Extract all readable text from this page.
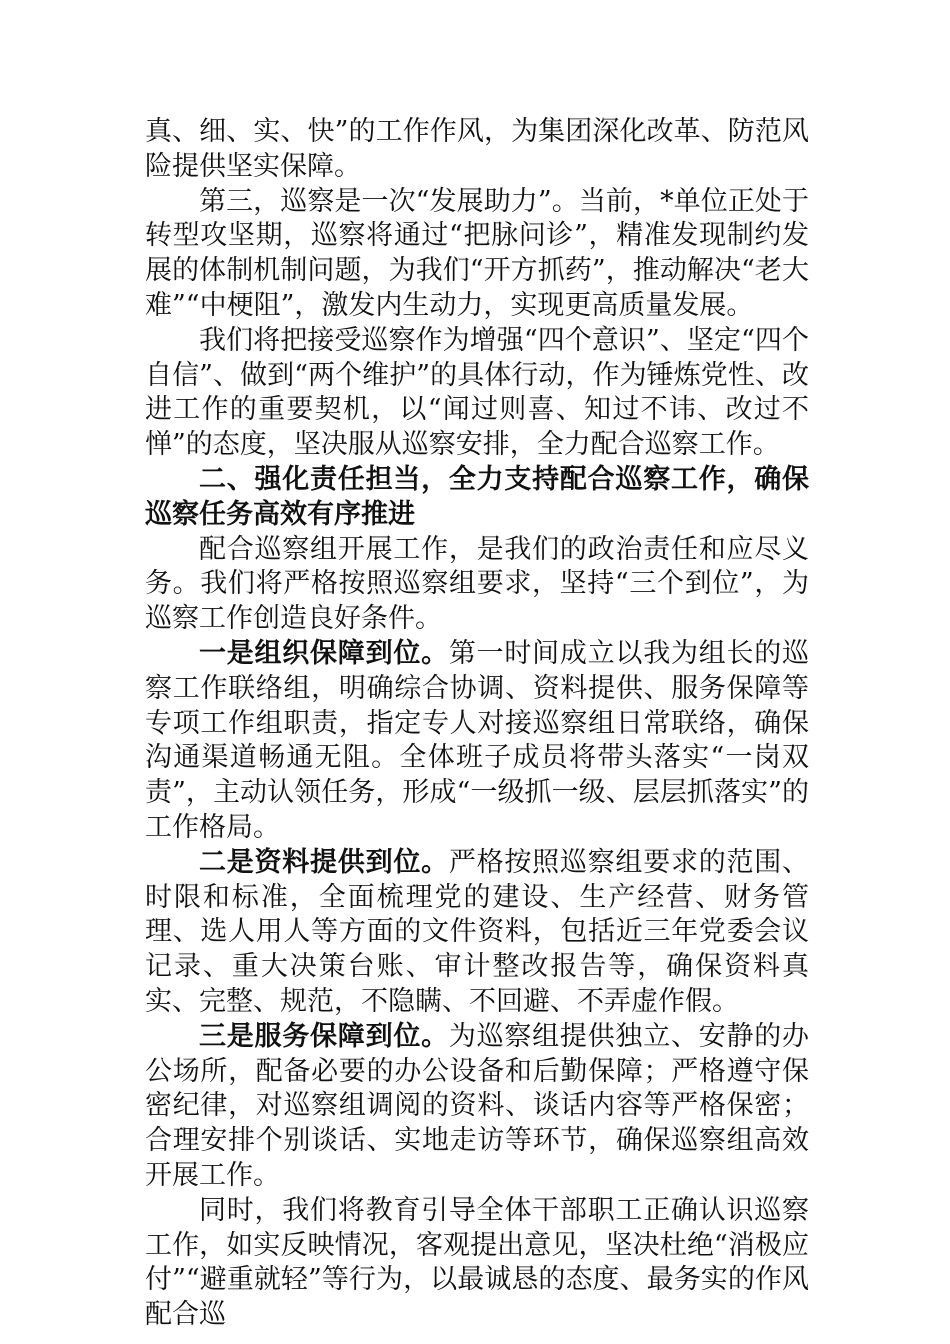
真、细、实、快”的工作作风，为集团深化改革、防范风险提供坚实保障。

第三，巡察是一次“发展助力”。当前，*单位正处于转型攻坚期，巡察将通过“把脉问诊”，精准发现制约发展的体制机制问题，为我们“开方抓药”，推动解决“老大难”“中梗阻”，激发内生动力，实现更高质量发展。

我们将把接受巡察作为增强“四个意识”、坚定“四个自信”、做到“两个维护”的具体行动，作为锤炼党性、改进工作的重要契机，以“闻过则喜、知过不讳、改过不惮”的态度，坚决服从巡察安排，全力配合巡察工作。

二、强化责任担当，全力支持配合巡察工作，确保巡察任务高效有序推进

配合巡察组开展工作，是我们的政治责任和应尽义务。我们将严格按照巡察组要求，坚持“三个到位”，为巡察工作创造良好条件。

一是组织保障到位。第一时间成立以我为组长的巡察工作联络组，明确综合协调、资料提供、服务保障等专项工作组职责，指定专人对接巡察组日常联络，确保沟通渠道畅通无阻。全体班子成员将带头落实“一岗双责”，主动认领任务，形成“一级抓一级、层层抓落实”的工作格局。

二是资料提供到位。严格按照巡察组要求的范围、时限和标准，全面梳理党的建设、生产经营、财务管理、选人用人等方面的文件资料，包括近三年党委会议记录、重大决策台账、审计整改报告等，确保资料真实、完整、规范，不隐瞒、不回避、不弄虚作假。

三是服务保障到位。为巡察组提供独立、安静的办公场所，配备必要的办公设备和后勤保障；严格遵守保密纪律，对巡察组调阅的资料、谈话内容等严格保密；合理安排个别谈话、实地走访等环节，确保巡察组高效开展工作。

同时，我们将教育引导全体干部职工正确认识巡察工作，如实反映情况，客观提出意见，坚决杜绝“消极应付”“避重就轻”等行为，以最诚恳的态度、最务实的作风配合巡
